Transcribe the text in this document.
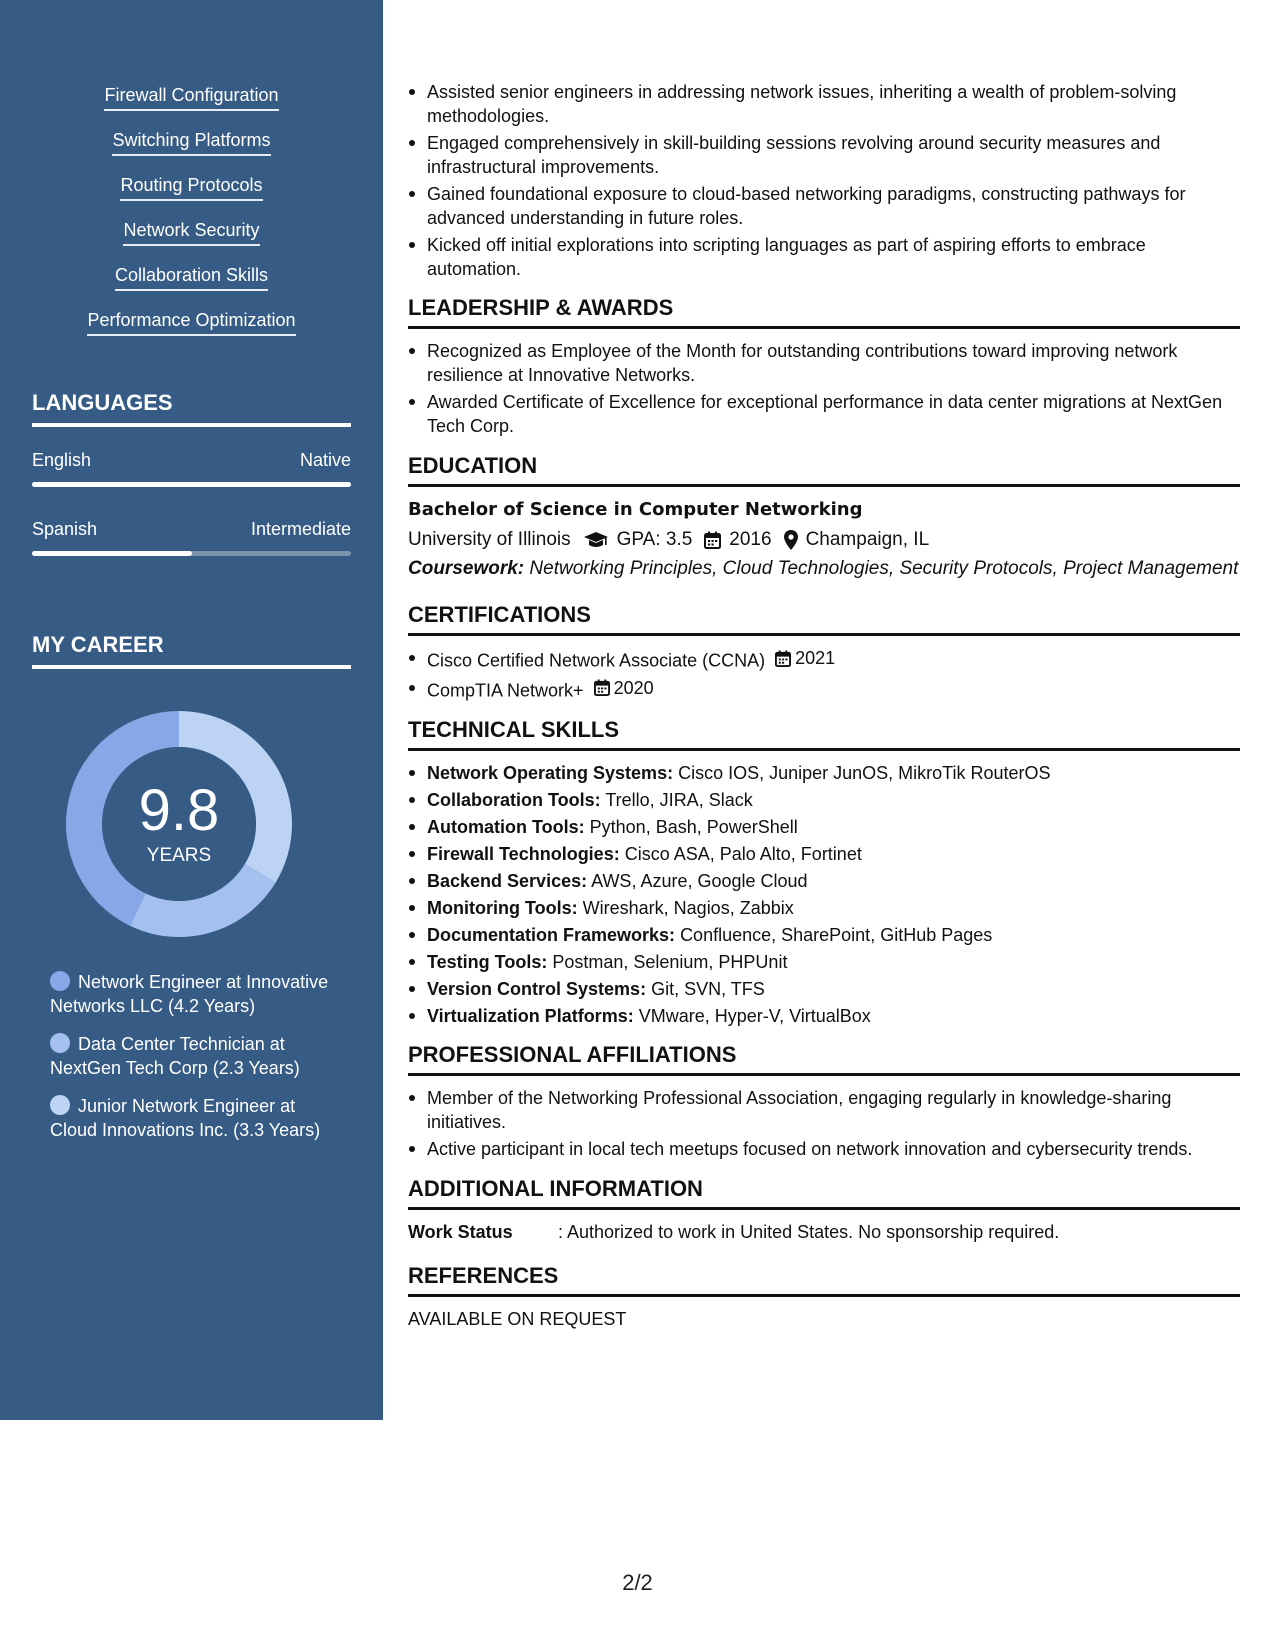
Firewall Configuration
Switching Platforms
Routing Protocols
Network Security
Collaboration Skills
Performance Optimization
LANGUAGES
English	Native
Spanish	Intermediate
MY CAREER
9.8
YEARS
Network Engineer at Innovative Networks LLC (4.2 Years)
Data Center Technician at NextGen Tech Corp (2.3 Years)
Junior Network Engineer at Cloud Innovations Inc. (3.3 Years)
Assisted senior engineers in addressing network issues, inheriting a wealth of problem-solving methodologies.
Engaged comprehensively in skill-building sessions revolving around security measures and infrastructural improvements.
Gained foundational exposure to cloud-based networking paradigms, constructing pathways for advanced understanding in future roles.
Kicked off initial explorations into scripting languages as part of aspiring efforts to embrace automation.
LEADERSHIP & AWARDS
Recognized as Employee of the Month for outstanding contributions toward improving network resilience at Innovative Networks.
Awarded Certificate of Excellence for exceptional performance in data center migrations at NextGen Tech Corp.
EDUCATION
Bachelor of Science in Computer Networking
University of Illinois GPA: 3.5 2016 Champaign, IL
Coursework: Networking Principles, Cloud Technologies, Security Protocols, Project Management
CERTIFICATIONS
Cisco Certified Network Associate (CCNA) 2021
CompTIA Network+ 2020
TECHNICAL SKILLS
Network Operating Systems: Cisco IOS, Juniper JunOS, MikroTik RouterOS
Collaboration Tools: Trello, JIRA, Slack
Automation Tools: Python, Bash, PowerShell
Firewall Technologies: Cisco ASA, Palo Alto, Fortinet
Backend Services: AWS, Azure, Google Cloud
Monitoring Tools: Wireshark, Nagios, Zabbix
Documentation Frameworks: Confluence, SharePoint, GitHub Pages
Testing Tools: Postman, Selenium, PHPUnit
Version Control Systems: Git, SVN, TFS
Virtualization Platforms: VMware, Hyper-V, VirtualBox
PROFESSIONAL AFFILIATIONS
Member of the Networking Professional Association, engaging regularly in knowledge-sharing initiatives.
Active participant in local tech meetups focused on network innovation and cybersecurity trends.
ADDITIONAL INFORMATION
Work Status	: Authorized to work in United States. No sponsorship required.
REFERENCES
AVAILABLE ON REQUEST
2/2
